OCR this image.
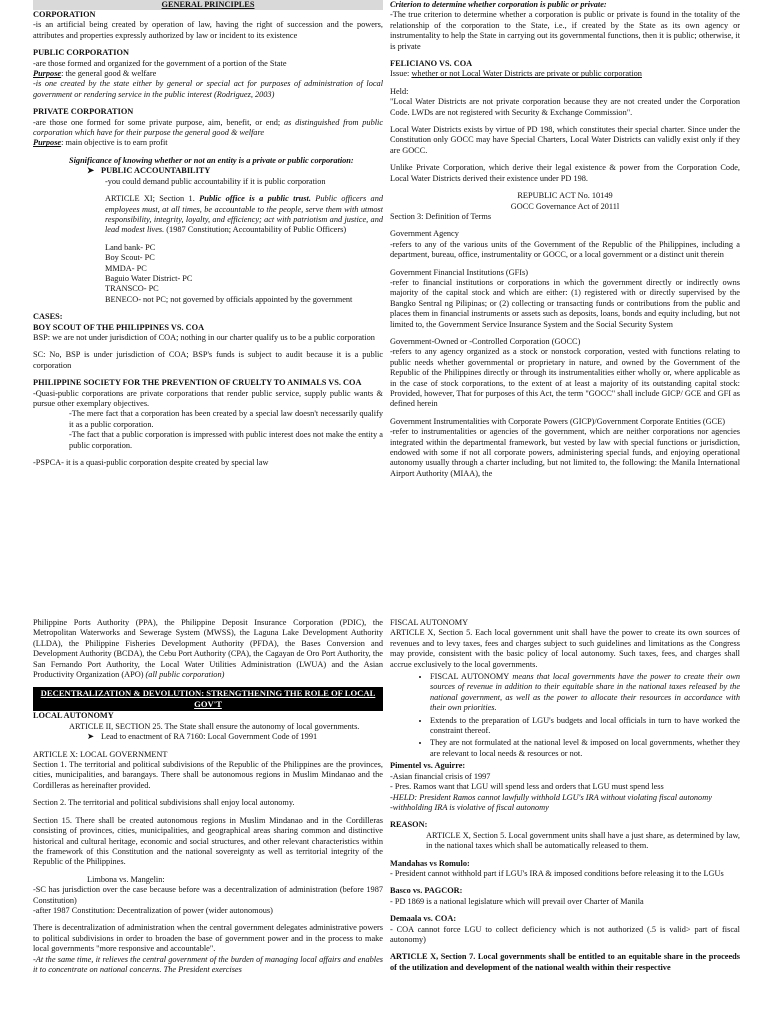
GENERAL PRINCIPLES

CORPORATION

-is an artificial being created by operation of law, having the right of succession and the powers, attributes and properties expressly authorized by law or incident to its existence

PUBLIC CORPORATION

-are those formed and organized for the government of a portion of the State

Purpose: the general good & welfare

-is one created by the state either by general or special act for purposes of administration of local government or rendering service in the public interest (Rodriguez, 2003)

PRIVATE CORPORATION

-are those one formed for some private purpose, aim, benefit, or end; as distinguished from public corporation which have for their purpose the general good & welfare

Purpose: main objective is to earn profit

Significance of knowing whether or not an entity is a private or public corporation:

➤ PUBLIC ACCOUNTABILITY

-you could demand public accountability if it is public corporation

ARTICLE XI; Section 1. Public office is a public trust. Public officers and employees must, at all times, be accountable to the people, serve them with utmost responsibility, integrity, loyalty, and efficiency; act with patriotism and justice, and lead modest lives. (1987 Constitution; Accountability of Public Officers)

Land bank- PC

Boy Scout- PC

MMDA- PC

Baguio Water District- PC

TRANSCO- PC

BENECO- not PC; not governed by officials appointed by the government

CASES:

BOY SCOUT OF THE PHILIPPINES VS. COA

BSP: we are not under jurisdiction of COA; nothing in our charter qualify us to be a public corporation

SC: No, BSP is under jurisdiction of COA; BSP's funds is subject to audit because it is a public corporation

PHILIPPINE SOCIETY FOR THE PREVENTION OF CRUELTY TO ANIMALS VS. COA

-Quasi-public corporations are private corporations that render public service, supply public wants & pursue other exemplary objectives.

-The mere fact that a corporation has been created by a special law doesn't necessarily qualify it as a public corporation.

-The fact that a public corporation is impressed with public interest does not make the entity a public corporation.

-PSPCA- it is a quasi-public corporation despite created by special law

Criterion to determine whether corporation is public or private:

-The true criterion to determine whether a corporation is public or private is found in the totality of the relationship of the corporation to the State, i.e., if created by the State as its own agency or instrumentality to help the State in carrying out its governmental functions, then it is public; otherwise, it is private

FELICIANO VS. COA

Issue: whether or not Local Water Districts are private or public corporation

Held:

"Local Water Districts are not private corporation because they are not created under the Corporation Code. LWDs are not registered with Security & Exchange Commission".

Local Water Districts exists by virtue of PD 198, which constitutes their special charter. Since under the Constitution only GOCC may have Special Charters, Local Water Districts can validly exist only if they are GOCC.

Unlike Private Corporation, which derive their legal existence & power from the Corporation Code, Local Water Districts derived their existence under PD 198.

REPUBLIC ACT No. 10149

GOCC Governance Act of 2011l

Section 3: Definition of Terms

Government Agency

-refers to any of the various units of the Government of the Republic of the Philippines, including a department, bureau, office, instrumentality or GOCC, or a local government or a distinct unit therein

Government Financial Institutions (GFIs)

-refer to financial institutions or corporations in which the government directly or indirectly owns majority of the capital stock and which are either: (1) registered with or directly supervised by the Bangko Sentral ng Pilipinas; or (2) collecting or transacting funds or contributions from the public and places them in financial instruments or assets such as deposits, loans, bonds and equity including, but not limited to, the Government Service Insurance System and the Social Security System

Government-Owned or -Controlled Corporation (GOCC)

-refers to any agency organized as a stock or nonstock corporation, vested with functions relating to public needs whether governmental or proprietary in nature, and owned by the Government of the Republic of the Philippines directly or through its instrumentalities either wholly or, where applicable as in the case of stock corporations, to the extent of at least a majority of its outstanding capital stock: Provided, however, That for purposes of this Act, the term "GOCC" shall include GICP/ GCE and GFI as defined herein

Government Instrumentalities with Corporate Powers (GICP)/Government Corporate Entities (GCE)

-refer to instrumentalities or agencies of the government, which are neither corporations nor agencies integrated within the departmental framework, but vested by law with special functions or jurisdiction, endowed with some if not all corporate powers, administering special funds, and enjoying operational autonomy usually through a charter including, but not limited to, the following: the Manila International Airport Authority (MIAA), the

Philippine Ports Authority (PPA), the Philippine Deposit Insurance Corporation (PDIC), the Metropolitan Waterworks and Sewerage System (MWSS), the Laguna Lake Development Authority (LLDA), the Philippine Fisheries Development Authority (PFDA), the Bases Conversion and Development Authority (BCDA), the Cebu Port Authority (CPA), the Cagayan de Oro Port Authority, the San Fernando Port Authority, the Local Water Utilities Administration (LWUA) and the Asian Productivity Organization (APO) (all public corporation)

DECENTRALIZATION & DEVOLUTION: STRENGTHENING THE ROLE OF LOCAL GOV'T

LOCAL AUTONOMY

ARTICLE II, SECTION 25. The State shall ensure the autonomy of local governments.

➤ Lead to enactment of RA 7160: Local Government Code of 1991

ARTICLE X: LOCAL GOVERNMENT

Section 1. The territorial and political subdivisions of the Republic of the Philippines are the provinces, cities, municipalities, and barangays. There shall be autonomous regions in Muslim Mindanao and the Cordilleras as hereinafter provided.

Section 2. The territorial and political subdivisions shall enjoy local autonomy.

Section 15. There shall be created autonomous regions in Muslim Mindanao and in the Cordilleras consisting of provinces, cities, municipalities, and geographical areas sharing common and distinctive historical and cultural heritage, economic and social structures, and other relevant characteristics within the framework of this Constitution and the national sovereignty as well as territorial integrity of the Republic of the Philippines.

Limbona vs. Mangelin:

-SC has jurisdiction over the case because before was a decentralization of administration (before 1987 Constitution)

-after 1987 Constitution: Decentralization of power (wider autonomous)

There is decentralization of administration when the central government delegates administrative powers to political subdivisions in order to broaden the base of government power and in the process to make local governments "more responsive and accountable".

-At the same time, it relieves the central government of the burden of managing local affairs and enables it to concentrate on national concerns. The President exercises

FISCAL AUTONOMY

ARTICLE X, Section 5. Each local government unit shall have the power to create its own sources of revenues and to levy taxes, fees and charges subject to such guidelines and limitations as the Congress may provide, consistent with the basic policy of local autonomy. Such taxes, fees, and charges shall accrue exclusively to the local governments.

• FISCAL AUTONOMY means that local governments have the power to create their own sources of revenue in addition to their equitable share in the national taxes released by the national government, as well as the power to allocate their resources in accordance with their own priorities.
• Extends to the preparation of LGU's budgets and local officials in turn to have worked the constraint thereof.
• They are not formulated at the national level & imposed on local governments, whether they are relevant to local needs & resources or not.

Pimentel vs. Aguirre:

-Asian financial crisis of 1997

- Pres. Ramos want that LGU will spend less and orders that LGU must spend less

-HELD: President Ramos cannot lawfully withhold LGU's IRA without violating fiscal autonomy

-withholding IRA is violative of fiscal autonomy

REASON:

ARTICLE X, Section 5. Local government units shall have a just share, as determined by law, in the national taxes which shall be automatically released to them.

Mandahas vs Romulo:

- President cannot withhold part if LGU's IRA & imposed conditions before releasing it to the LGUs

Basco vs. PAGCOR:

- PD 1869 is a national legislature which will prevail over Charter of Manila

Demaala vs. COA:

- COA cannot force LGU to collect deficiency which is not authorized (.5 is valid> part of fiscal autonomy)

ARTICLE X, Section 7. Local governments shall be entitled to an equitable share in the proceeds of the utilization and development of the national wealth within their respective
